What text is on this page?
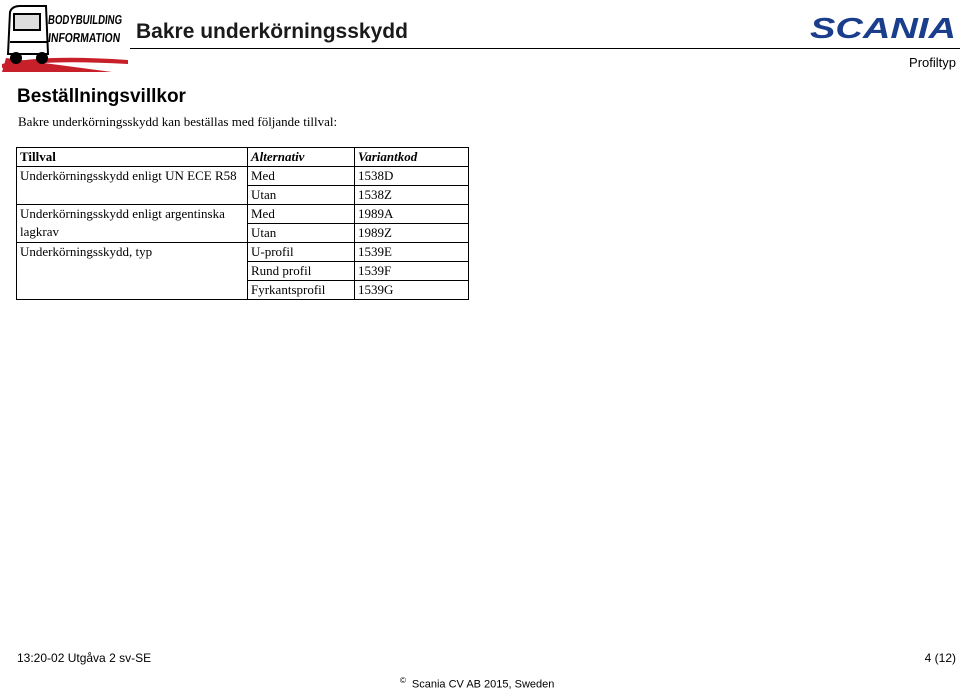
BODYBUILDING
INFORMATION
Bakre underkörningsskydd	SCANIA
Profiltyp
Beställningsvillkor
Bakre underkörningsskydd kan beställas med följande tillval:
Tillval	Alternativ	Variantkod
Underkörningsskydd enligt UN ECE R58	Med	1538D
	Utan	1538Z
Underkörningsskydd enligt argentinska lagkrav	Med	1989A
	Utan	1989Z
Underkörningsskydd, typ	U-profil	1539E
	Rund profil	1539F
	Fyrkantsprofil	1539G
13:20-02 Utgåva 2 sv-SE	4 (12)
© Scania CV AB 2015, Sweden
